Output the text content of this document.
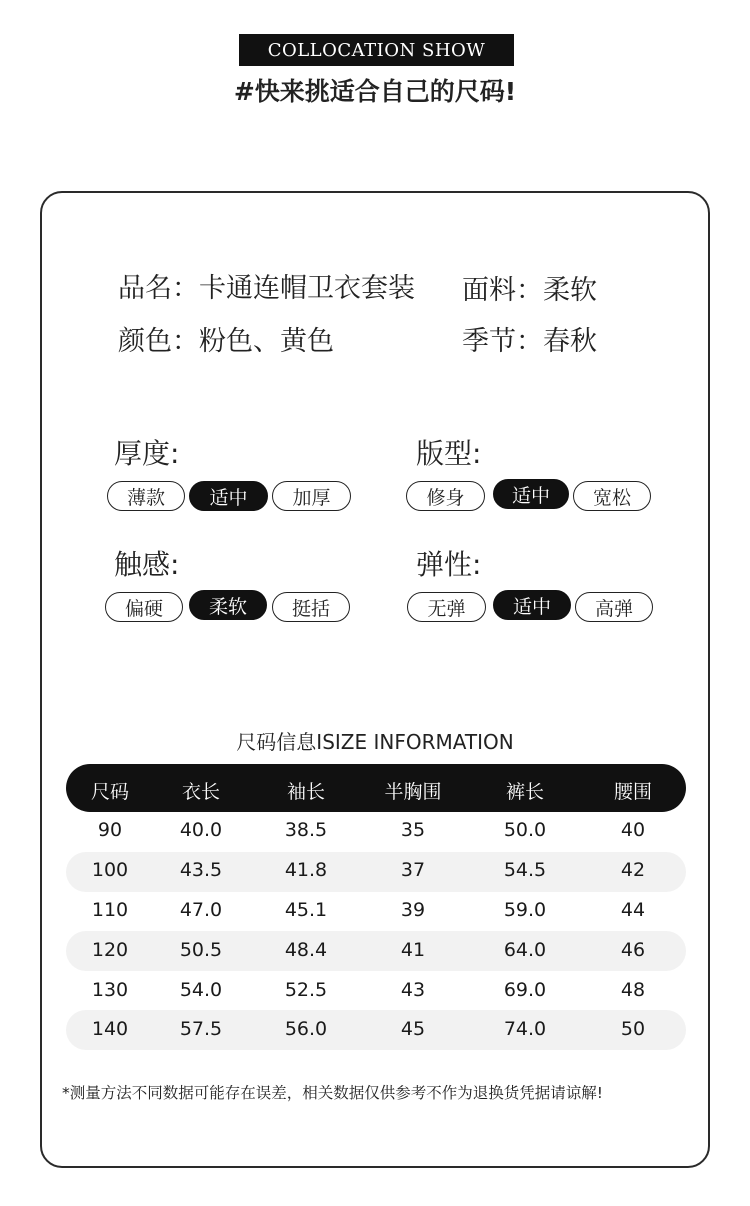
COLLOCATION SHOW
#快来挑适合自己的尺码!
品名：卡通连帽卫衣套装 面料：柔软
颜色：粉色、黄色	季节：春秋
厚度:
薄款	适中	加厚
版型:
修身	适中	宽松
触感:
偏硬	柔软	挺括
弹性:
无弹	适中	高弹
尺码信息ISIZE INFORMATION
尺码	衣长	袖长	半胸围	裤长	腰围
90	40.0	38.5	35	50.0	40
100	43.5	41.8	37	54.5	42
110	47.0	45.1	39	59.0	44
120	50.5	48.4	41	64.0	46
130	54.0	52.5	43	69.0	48
140	57.5	56.0	45	74.0	50
*测量方法不同数据可能存在误差，相关数据仅供参考不作为退换货凭据请谅解!
